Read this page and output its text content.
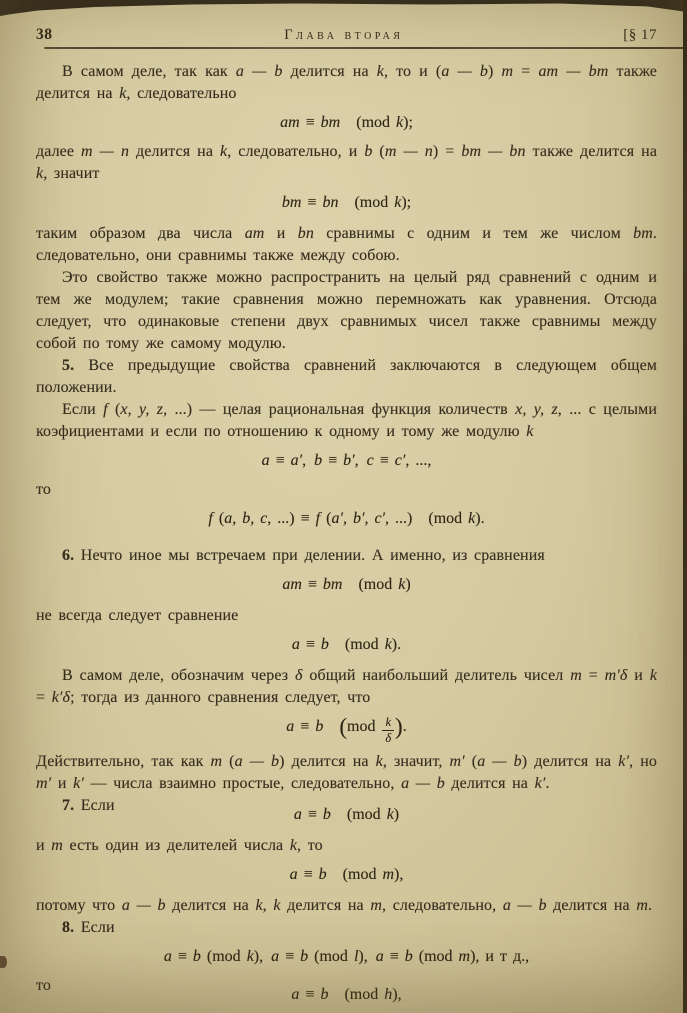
38	Глава вторая	[§ 17
В самом деле, так как a — b делится на k, то и (a — b) m = am — bm также делится на k, следовательно
am ≡ bm (mod k);
далее m — n делится на k, следовательно, и b (m — n) = bm — bn также делится на k, значит
bm ≡ bn (mod k);
таким образом два числа am и bn сравнимы с одним и тем же числом bm. следовательно, они сравнимы также между собою.
Это свойство также можно распространить на целый ряд сравнений с одним и тем же модулем; такие сравнения можно перемножать как уравнения. Отсюда следует, что одинаковые степени двух сравнимых чисел также сравнимы между собой по тому же самому модулю.
5. Все предыдущие свойства сравнений заключаются в следующем общем положении.
Если f (x, y, z, ...) — целая рациональная функция количеств x, y, z, ... с целыми коэфициентами и если по отношению к одному и тому же модулю k
a ≡ a′, b ≡ b′, c ≡ c′, ...,
то
f (a, b, c, ...) ≡ f (a′, b′, c′, ...) (mod k).
6. Нечто иное мы встречаем при делении. А именно, из сравнения
am ≡ bm (mod k)
не всегда следует сравнение
a ≡ b (mod k).
В самом деле, обозначим через δ общий наибольший делитель чисел m = m′δ и k = k′δ; тогда из данного сравнения следует, что
a ≡ b  ($mod \frac{k}{\delta}$ ).
Действительно, так как m (a — b) делится на k, значит, m′ (a — b) делится на k′, но m′ и k′ — числа взаимно простые, следовательно, a — b делится на k′.
7. Если
a ≡ b (mod k)
и m есть один из делителей числа k, то
a ≡ b (mod m),
потому что a — b делится на k, k делится на m, следовательно, a — b делится на m.
8. Если
a ≡ b (mod k), a ≡ b (mod l), a ≡ b (mod m), и т д.,
то
a ≡ b (mod h),
